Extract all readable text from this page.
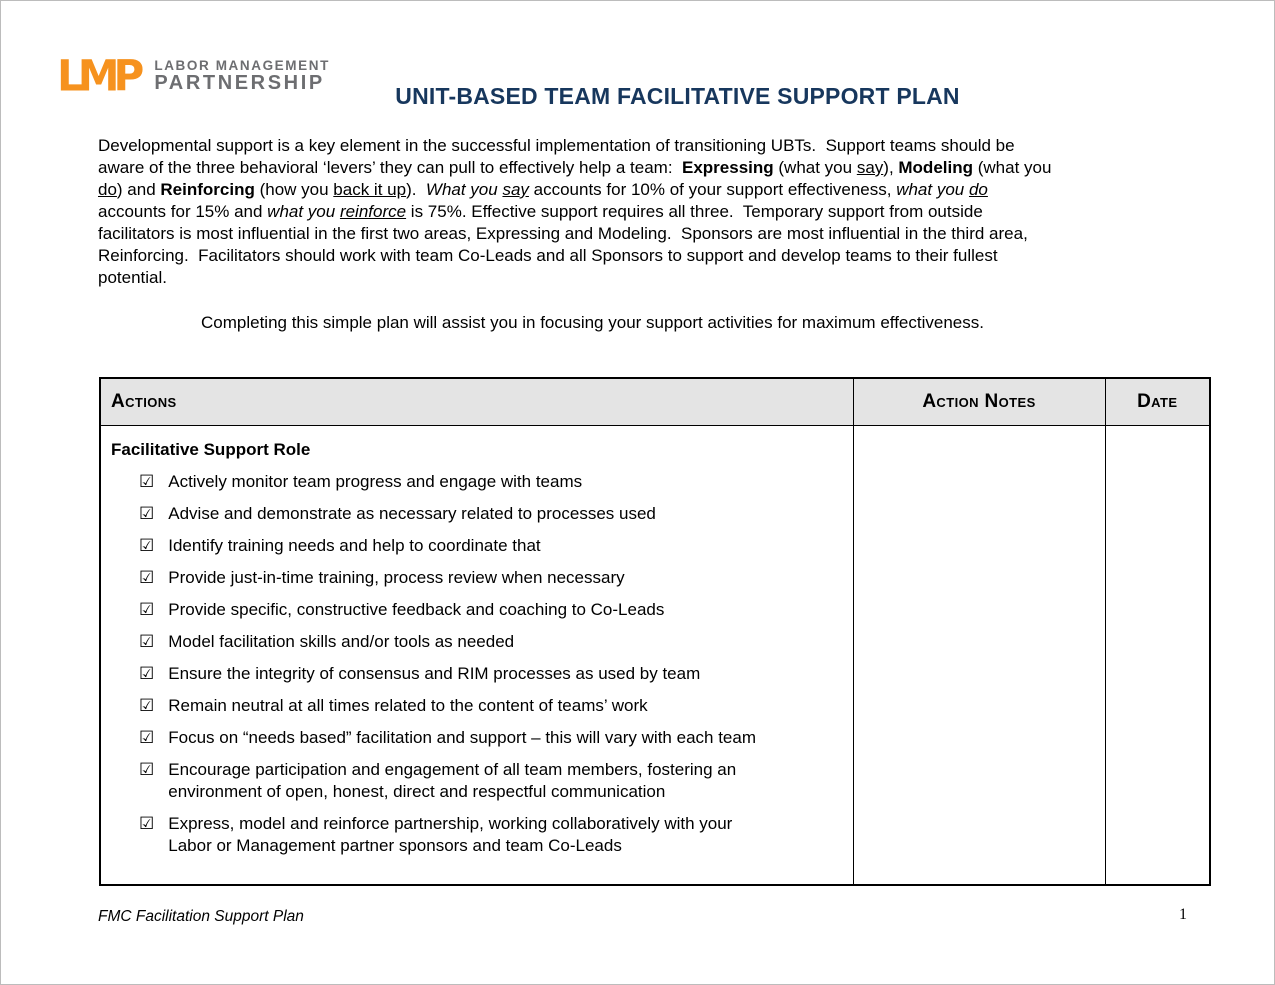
LMP	LABOR MANAGEMENT
PARTNERSHIP	UNIT-BASED TEAM FACILITATIVE SUPPORT PLAN

Developmental support is a key element in the successful implementation of transitioning UBTs.  Support teams should be
aware of the three behavioral ‘levers’ they can pull to effectively help a team:  Expressing (what you say), Modeling (what you
do) and Reinforcing (how you back it up).  What you say accounts for 10% of your support effectiveness, what you do
accounts for 15% and what you reinforce is 75%. Effective support requires all three.  Temporary support from outside
facilitators is most influential in the first two areas, Expressing and Modeling.  Sponsors are most influential in the third area,
Reinforcing.  Facilitators should work with team Co-Leads and all Sponsors to support and develop teams to their fullest
potential.

Completing this simple plan will assist you in focusing your support activities for maximum effectiveness.

Actions	Action Notes	Date

Facilitative Support Role
☑ Actively monitor team progress and engage with teams
☑ Advise and demonstrate as necessary related to processes used
☑ Identify training needs and help to coordinate that
☑ Provide just-in-time training, process review when necessary
☑ Provide specific, constructive feedback and coaching to Co-Leads
☑ Model facilitation skills and/or tools as needed
☑ Ensure the integrity of consensus and RIM processes as used by team
☑ Remain neutral at all times related to the content of teams’ work
☑ Focus on “needs based” facilitation and support – this will vary with each team
☑ Encourage participation and engagement of all team members, fostering an
environment of open, honest, direct and respectful communication
☑ Express, model and reinforce partnership, working collaboratively with your
Labor or Management partner sponsors and team Co-Leads

FMC Facilitation Support Plan	1
